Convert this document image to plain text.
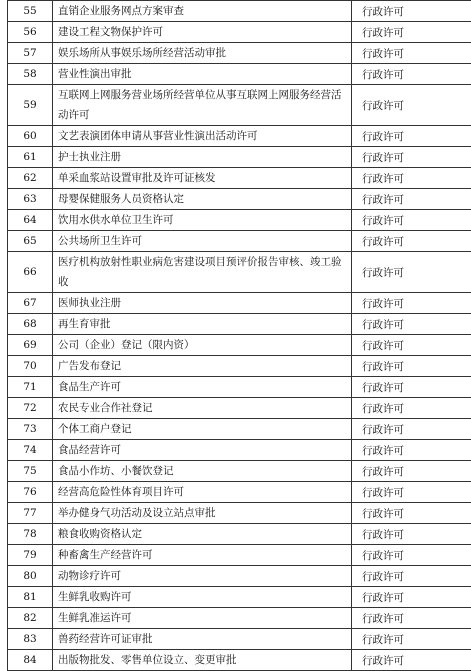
55	直销企业服务网点方案审查	行政许可
56	建设工程文物保护许可	行政许可
57	娱乐场所从事娱乐场所经营活动审批	行政许可
58	营业性演出审批	行政许可
59	互联网上网服务营业场所经营单位从事互联网上网服务经营活动许可	行政许可
60	文艺表演团体申请从事营业性演出活动许可	行政许可
61	护士执业注册	行政许可
62	单采血浆站设置审批及许可证核发	行政许可
63	母婴保健服务人员资格认定	行政许可
64	饮用水供水单位卫生许可	行政许可
65	公共场所卫生许可	行政许可
66	医疗机构放射性职业病危害建设项目预评价报告审核、竣工验收	行政许可
67	医师执业注册	行政许可
68	再生育审批	行政许可
69	公司（企业）登记（限内资）	行政许可
70	广告发布登记	行政许可
71	食品生产许可	行政许可
72	农民专业合作社登记	行政许可
73	个体工商户登记	行政许可
74	食品经营许可	行政许可
75	食品小作坊、小餐饮登记	行政许可
76	经营高危险性体育项目许可	行政许可
77	举办健身气功活动及设立站点审批	行政许可
78	粮食收购资格认定	行政许可
79	种畜禽生产经营许可	行政许可
80	动物诊疗许可	行政许可
81	生鲜乳收购许可	行政许可
82	生鲜乳准运许可	行政许可
83	兽药经营许可证审批	行政许可
84	出版物批发、零售单位设立、变更审批	行政许可
